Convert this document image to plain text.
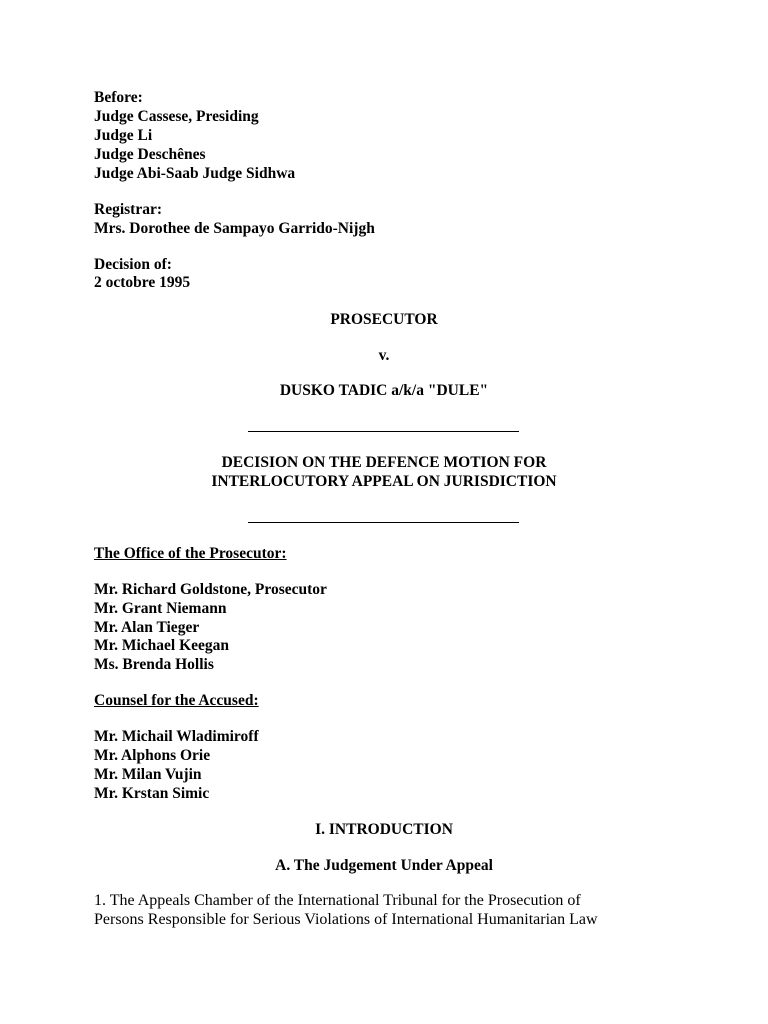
Before:
Judge Cassese, Presiding
Judge Li
Judge Deschênes
Judge Abi-Saab Judge Sidhwa
Registrar:
Mrs. Dorothee de Sampayo Garrido-Nijgh
Decision of:
2 octobre 1995
PROSECUTOR
v.
DUSKO TADIC a/k/a "DULE"
DECISION ON THE DEFENCE MOTION FOR
INTERLOCUTORY APPEAL ON JURISDICTION
The Office of the Prosecutor:
Mr. Richard Goldstone, Prosecutor
Mr. Grant Niemann
Mr. Alan Tieger
Mr. Michael Keegan
Ms. Brenda Hollis
Counsel for the Accused:
Mr. Michail Wladimiroff
Mr. Alphons Orie
Mr. Milan Vujin
Mr. Krstan Simic
I. INTRODUCTION
A. The Judgement Under Appeal
1. The Appeals Chamber of the International Tribunal for the Prosecution of
Persons Responsible for Serious Violations of International Humanitarian Law
